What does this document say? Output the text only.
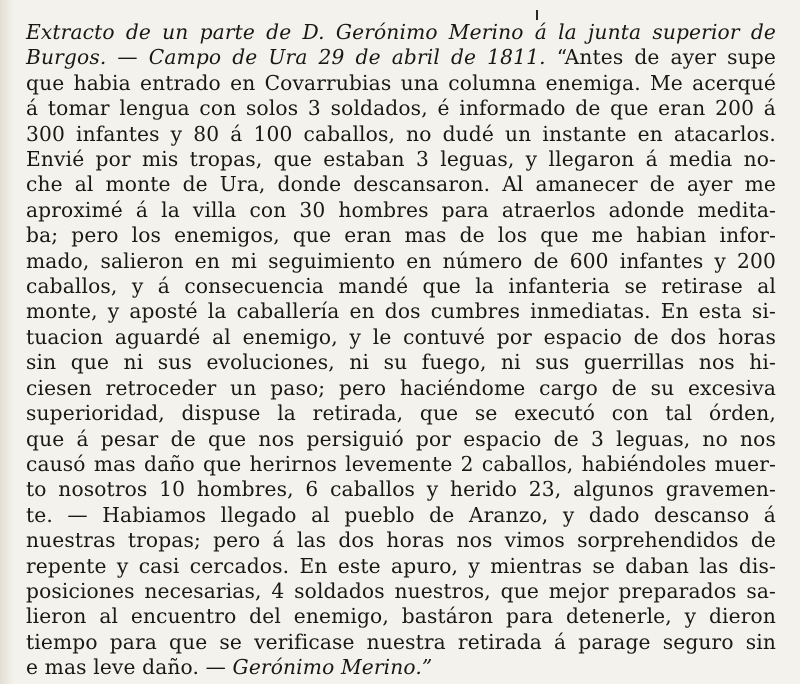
Extracto de un parte de D. Gerónimo Merino á la junta superior de
Burgos. — Campo de Ura 29 de abril de 1811. “Antes de ayer supe
que habia entrado en Covarrubias una columna enemiga. Me acerqué
á tomar lengua con solos 3 soldados, é informado de que eran 200 á
300 infantes y 80 á 100 caballos, no dudé un instante en atacarlos.
Envié por mis tropas, que estaban 3 leguas, y llegaron á media no-
che al monte de Ura, donde descansaron. Al amanecer de ayer me
aproximé á la villa con 30 hombres para atraerlos adonde medita-
ba; pero los enemigos, que eran mas de los que me habian infor-
mado, salieron en mi seguimiento en número de 600 infantes y 200
caballos, y á consecuencia mandé que la infanteria se retirase al
monte, y aposté la caballería en dos cumbres inmediatas. En esta si-
tuacion aguardé al enemigo, y le contuvé por espacio de dos horas
sin que ni sus evoluciones, ni su fuego, ni sus guerrillas nos hi-
ciesen retroceder un paso; pero haciéndome cargo de su excesiva
superioridad, dispuse la retirada, que se executó con tal órden,
que á pesar de que nos persiguió por espacio de 3 leguas, no nos
causó mas daño que herirnos levemente 2 caballos, habiéndoles muer-
to nosotros 10 hombres, 6 caballos y herido 23, algunos gravemen-
te. — Habiamos llegado al pueblo de Aranzo, y dado descanso á
nuestras tropas; pero á las dos horas nos vimos sorprehendidos de
repente y casi cercados. En este apuro, y mientras se daban las dis-
posiciones necesarias, 4 soldados nuestros, que mejor preparados sa-
lieron al encuentro del enemigo, bastáron para detenerle, y dieron
tiempo para que se verificase nuestra retirada á parage seguro sin
e mas leve daño. — Gerónimo Merino.”
